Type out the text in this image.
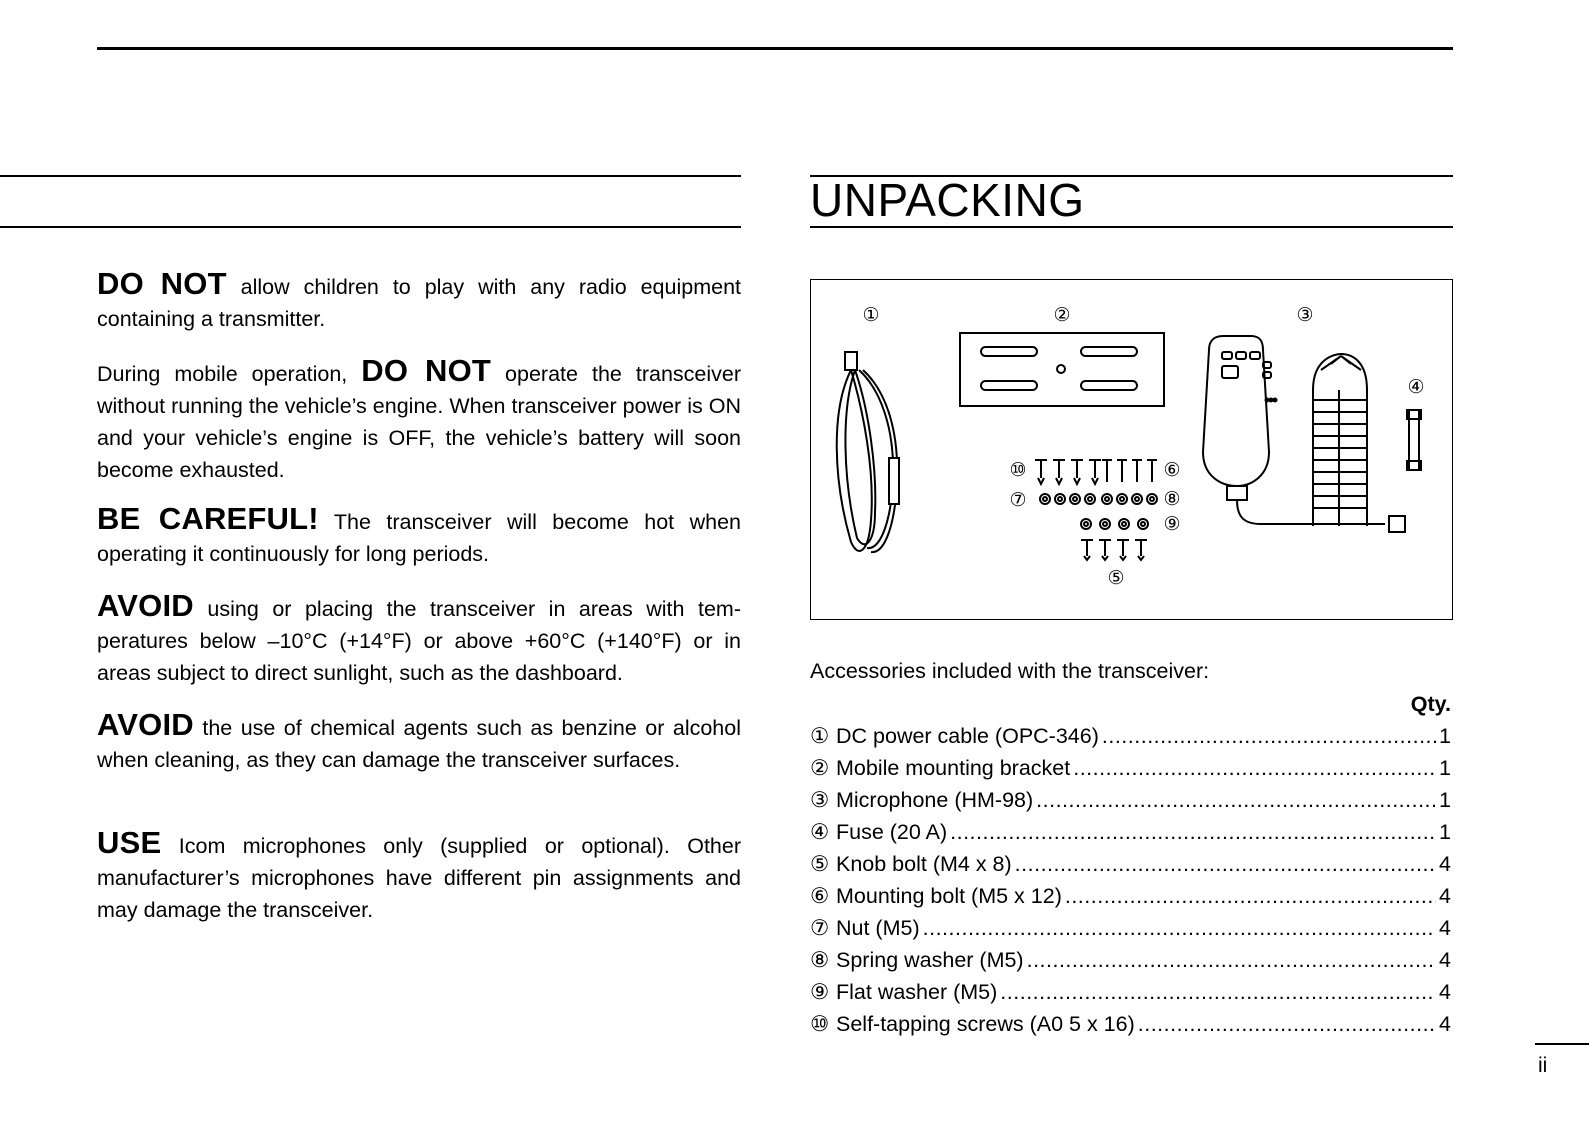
DO NOT allow children to play with any radio equipment containing a transmitter.

During mobile operation, DO NOT operate the transceiver without running the vehicle’s engine. When transceiver power is ON and your vehicle’s engine is OFF, the vehicle’s battery will soon become exhausted.

BE CAREFUL! The transceiver will become hot when operating it continuously for long periods.

AVOID using or placing the transceiver in areas with temperatures below –10°C (+14°F) or above +60°C (+140°F) or in areas subject to direct sunlight, such as the dashboard.

AVOID the use of chemical agents such as benzine or alcohol when cleaning, as they can damage the transceiver surfaces.

USE Icom microphones only (supplied or optional). Other manufacturer’s microphones have different pin assignments and may damage the transceiver.

UNPACKING
①	②	③
④
⑤
⑥
⑦	⑧
⑨
⑩
Accessories included with the transceiver:
Qty.
① DC power cable (OPC-346) .....	1
② Mobile mounting bracket .....	1
③ Microphone (HM-98) .....	1
④ Fuse (20 A) .....	1
⑤ Knob bolt (M4 x 8) .....	4
⑥ Mounting bolt (M5 x 12) .....	4
⑦ Nut (M5) .....	4
⑧ Spring washer (M5) .....	4
⑨ Flat washer (M5) .....	4
⑩ Self-tapping screws (A0 5 x 16) .....	4
ii
